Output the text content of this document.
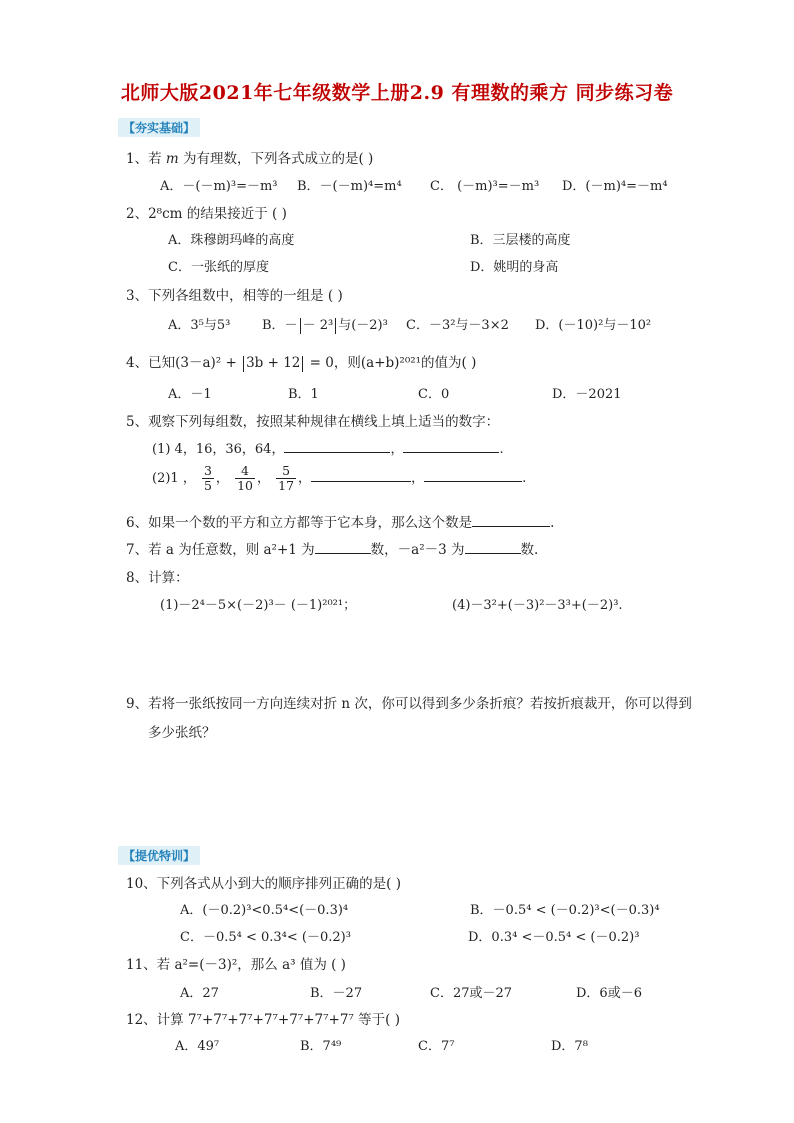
北师大版2021年七年级数学上册2.9 有理数的乘方 同步练习卷
【夯实基础】
1、若 m 为有理数，下列各式成立的是( )
A．－(－m)³=－m³ B．－(－m)⁴=m⁴ C． (－m)³=－m³ D．(－m)⁴=－m⁴
2、2⁸cm 的结果接近于 ( )
A．珠穆朗玛峰的高度	B．三层楼的高度
C．一张纸的厚度	D．姚明的身高
3、下列各组数中，相等的一组是 ( )
A．3⁵与5³ B．－ － 2³ 与(－2)³ C．－3²与－3×2 D．(－10)²与－10²
4、已知(3－a)² + 3b + 12 = 0，则(a+b)²⁰²¹的值为( )
A．－1	B．1	C．0	D．－2021
5、观察下列每组数，按照某种规律在横线上填上适当的数字：
(1) 4，16，36，64，	，	.
(2)1 ， $\frac{3}{5}$ ， $\frac{4}{10}$ ， $\frac{5}{17}$ ，	，	.
6、如果一个数的平方和立方都等于它本身，那么这个数是	.
7、若 a 为任意数，则 a²+1 为	数，－a²－3 为	数.
8、计算：
(1)－2⁴－5×(－2)³－ (－1)²⁰²¹；	(4)－3²+(－3)²－3³+(－2)³.
9、若将一张纸按同一方向连续对折 n 次，你可以得到多少条折痕？若按折痕裁开，你可以得到
多少张纸？
【提优特训】
10、下列各式从小到大的顺序排列正确的是( )
A．(－0.2)³<0.5⁴<(－0.3)⁴	B．－0.5⁴ < (－0.2)³<(－0.3)⁴
C．－0.5⁴ < 0.3⁴< (－0.2)³	D．0.3⁴ <－0.5⁴ < (－0.2)³
11、若 a²=(－3)²，那么 a³ 值为 ( )
A．27	B．－27	C．27或－27	D．6或－6
12、计算 7⁷+7⁷+7⁷+7⁷+7⁷+7⁷+7⁷ 等于( )
A．49⁷	B．7⁴⁹	C．7⁷	D．7⁸
